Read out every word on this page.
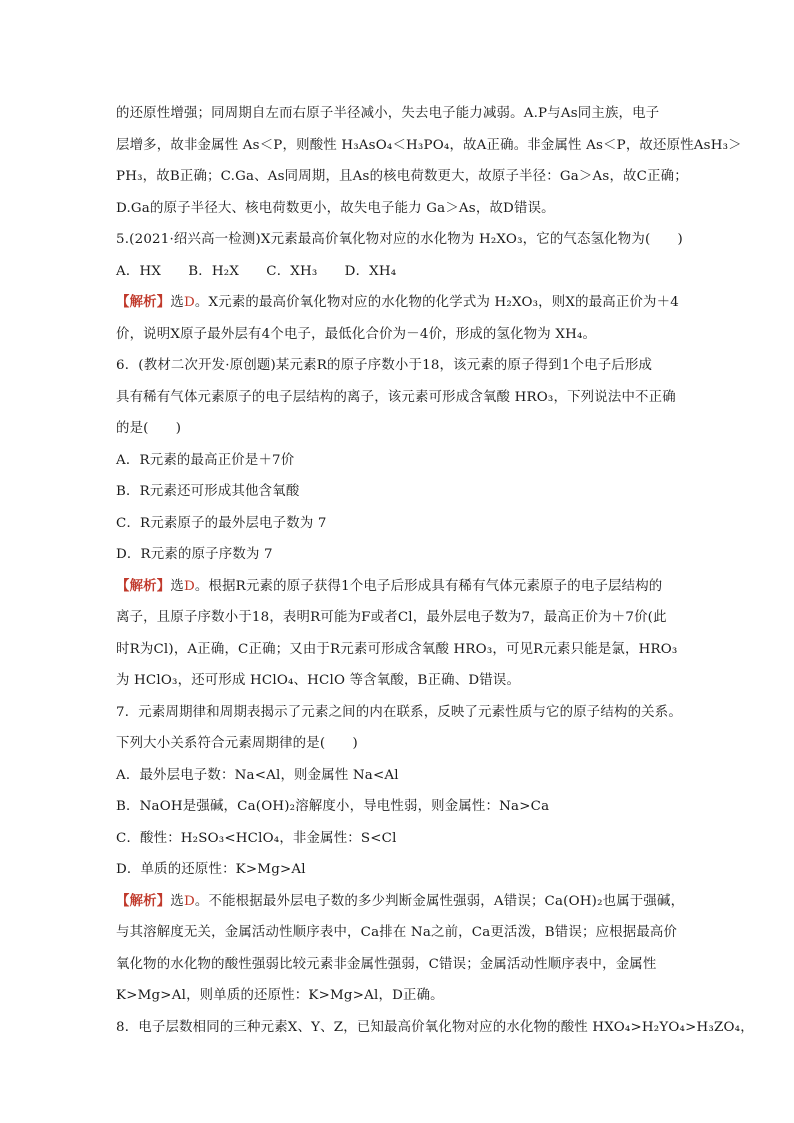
的还原性增强；同周期自左而右原子半径减小，失去电子能力减弱。A.P与As同主族，电子
层增多，故非金属性 As＜P，则酸性 H₃AsO₄＜H₃PO₄，故A正确。非金属性 As＜P，故还原性AsH₃＞
PH₃，故B正确；C.Ga、As同周期，且As的核电荷数更大，故原子半径：Ga＞As，故C正确；
D.Ga的原子半径大、核电荷数更小，故失电子能力 Ga＞As，故D错误。
5.(2021·绍兴高一检测)X元素最高价氧化物对应的水化物为 H₂XO₃，它的气态氢化物为(　　)
A．HX　　B．H₂X　　C．XH₃　　D．XH₄
【解析】选D。X元素的最高价氧化物对应的水化物的化学式为 H₂XO₃，则X的最高正价为＋4
价，说明X原子最外层有4个电子，最低化合价为－4价，形成的氢化物为 XH₄。
6．(教材二次开发·原创题)某元素R的原子序数小于18，该元素的原子得到1个电子后形成
具有稀有气体元素原子的电子层结构的离子，该元素可形成含氧酸 HRO₃，下列说法中不正确
的是(　　)
A．R元素的最高正价是＋7价
B．R元素还可形成其他含氧酸
C．R元素原子的最外层电子数为 7
D．R元素的原子序数为 7
【解析】选D。根据R元素的原子获得1个电子后形成具有稀有气体元素原子的电子层结构的
离子，且原子序数小于18，表明R可能为F或者Cl，最外层电子数为7，最高正价为＋7价(此
时R为Cl)，A正确，C正确；又由于R元素可形成含氧酸 HRO₃，可见R元素只能是氯，HRO₃
为 HClO₃，还可形成 HClO₄、HClO 等含氧酸，B正确、D错误。
7．元素周期律和周期表揭示了元素之间的内在联系，反映了元素性质与它的原子结构的关系。
下列大小关系符合元素周期律的是(　　)
A．最外层电子数：Na<Al，则金属性 Na<Al
B．NaOH是强碱，Ca(OH)₂溶解度小，导电性弱，则金属性：Na>Ca
C．酸性：H₂SO₃<HClO₄，非金属性：S<Cl
D．单质的还原性：K>Mg>Al
【解析】选D。不能根据最外层电子数的多少判断金属性强弱，A错误；Ca(OH)₂也属于强碱，
与其溶解度无关，金属活动性顺序表中，Ca排在 Na之前，Ca更活泼，B错误；应根据最高价
氧化物的水化物的酸性强弱比较元素非金属性强弱，C错误；金属活动性顺序表中，金属性
K>Mg>Al，则单质的还原性：K>Mg>Al，D正确。
8．电子层数相同的三种元素X、Y、Z，已知最高价氧化物对应的水化物的酸性 HXO₄>H₂YO₄>H₃ZO₄，
